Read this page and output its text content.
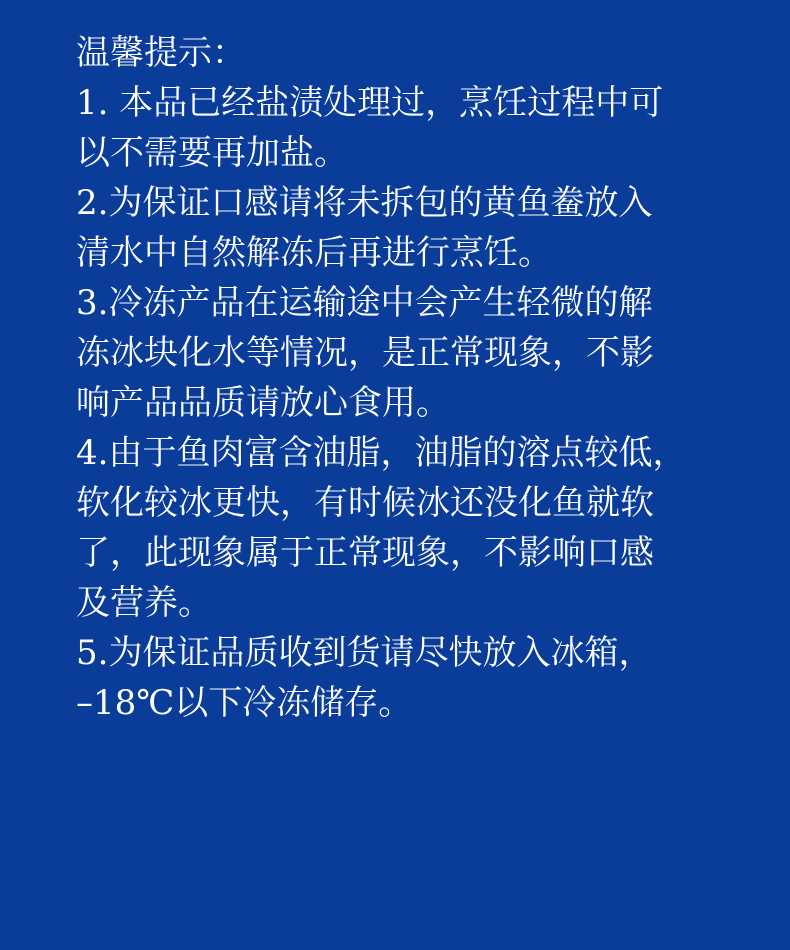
温馨提示：
1. 本品已经盐渍处理过，烹饪过程中可
以不需要再加盐。
2.为保证口感请将未拆包的黄鱼鲞放入
清水中自然解冻后再进行烹饪。
3.冷冻产品在运输途中会产生轻微的解
冻冰块化水等情况，是正常现象，不影
响产品品质请放心食用。
4.由于鱼肉富含油脂，油脂的溶点较低，
软化较冰更快，有时候冰还没化鱼就软
了，此现象属于正常现象，不影响口感
及营养。
5.为保证品质收到货请尽快放入冰箱，
–18℃以下冷冻储存。
